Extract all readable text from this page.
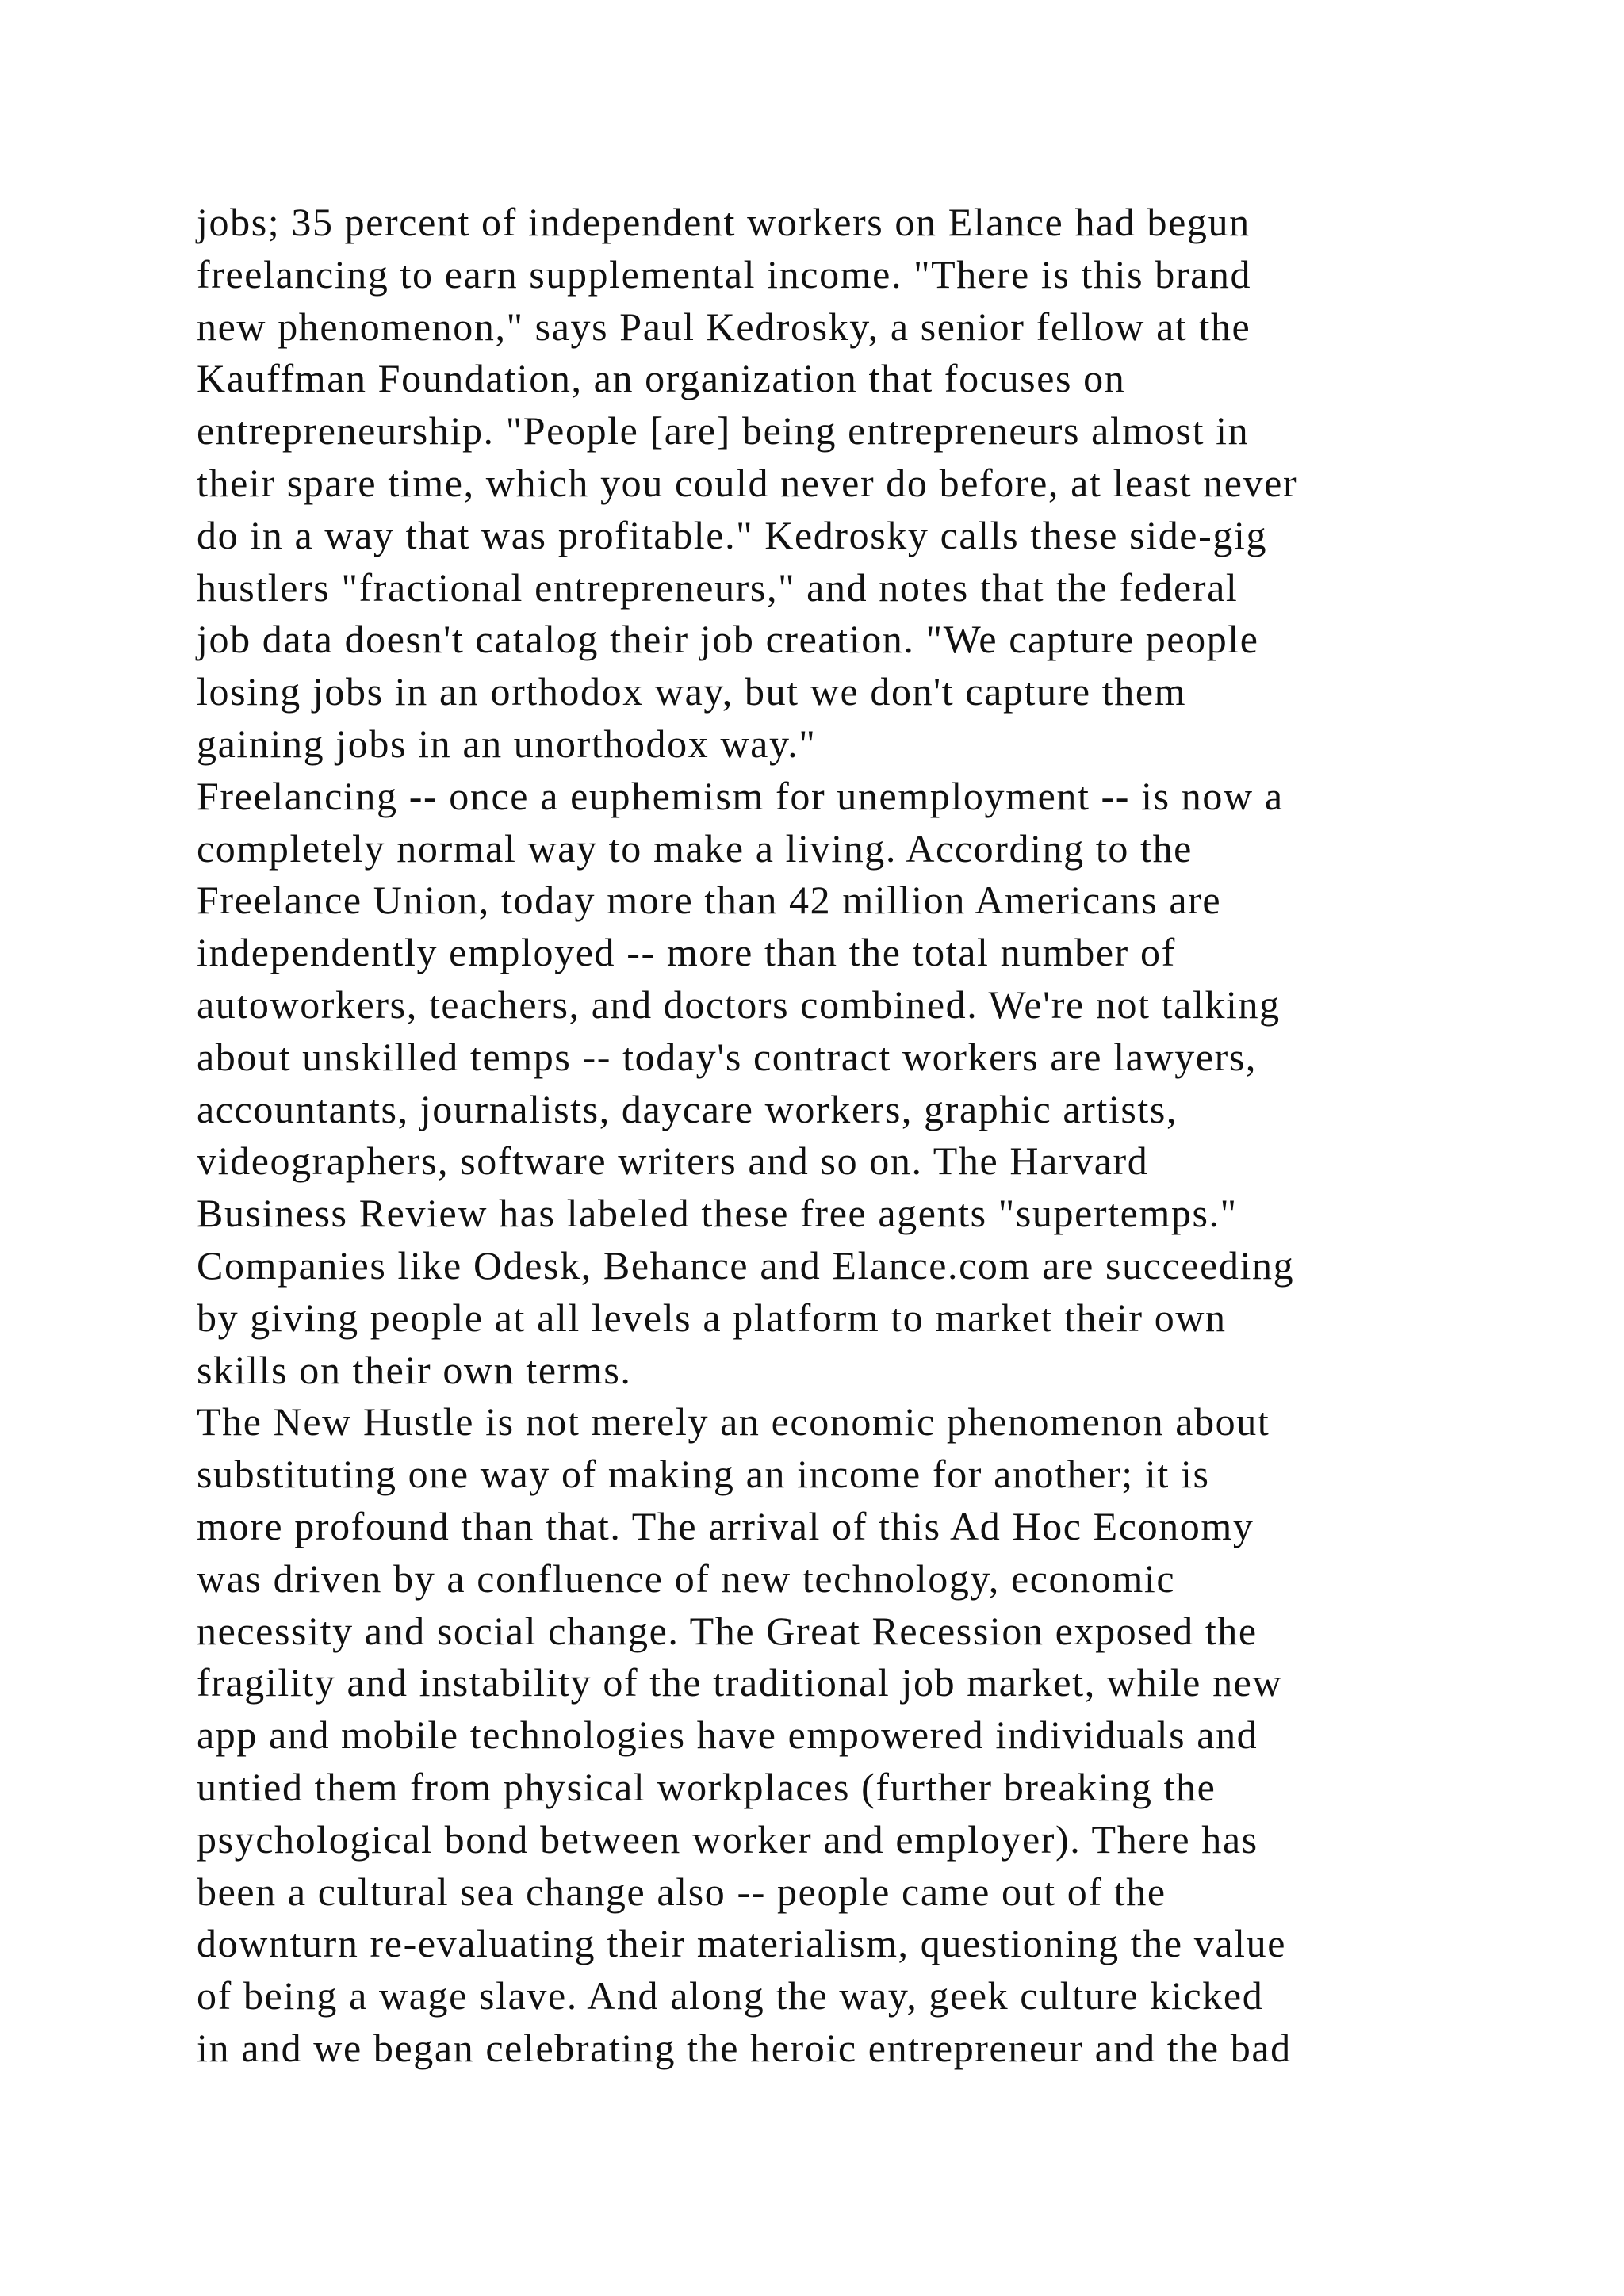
jobs; 35 percent of independent workers on Elance had begun
freelancing to earn supplemental income. "There is this brand
new phenomenon," says Paul Kedrosky, a senior fellow at the
Kauffman Foundation, an organization that focuses on
entrepreneurship. "People [are] being entrepreneurs almost in
their spare time, which you could never do before, at least never
do in a way that was profitable." Kedrosky calls these side-gig
hustlers "fractional entrepreneurs," and notes that the federal
job data doesn't catalog their job creation. "We capture people
losing jobs in an orthodox way, but we don't capture them
gaining jobs in an unorthodox way."
Freelancing -- once a euphemism for unemployment -- is now a
completely normal way to make a living. According to the
Freelance Union, today more than 42 million Americans are
independently employed -- more than the total number of
autoworkers, teachers, and doctors combined. We're not talking
about unskilled temps -- today's contract workers are lawyers,
accountants, journalists, daycare workers, graphic artists,
videographers, software writers and so on. The Harvard
Business Review has labeled these free agents "supertemps."
Companies like Odesk, Behance and Elance.com are succeeding
by giving people at all levels a platform to market their own
skills on their own terms.
The New Hustle is not merely an economic phenomenon about
substituting one way of making an income for another; it is
more profound than that. The arrival of this Ad Hoc Economy
was driven by a confluence of new technology, economic
necessity and social change. The Great Recession exposed the
fragility and instability of the traditional job market, while new
app and mobile technologies have empowered individuals and
untied them from physical workplaces (further breaking the
psychological bond between worker and employer). There has
been a cultural sea change also -- people came out of the
downturn re-evaluating their materialism, questioning the value
of being a wage slave. And along the way, geek culture kicked
in and we began celebrating the heroic entrepreneur and the bad
